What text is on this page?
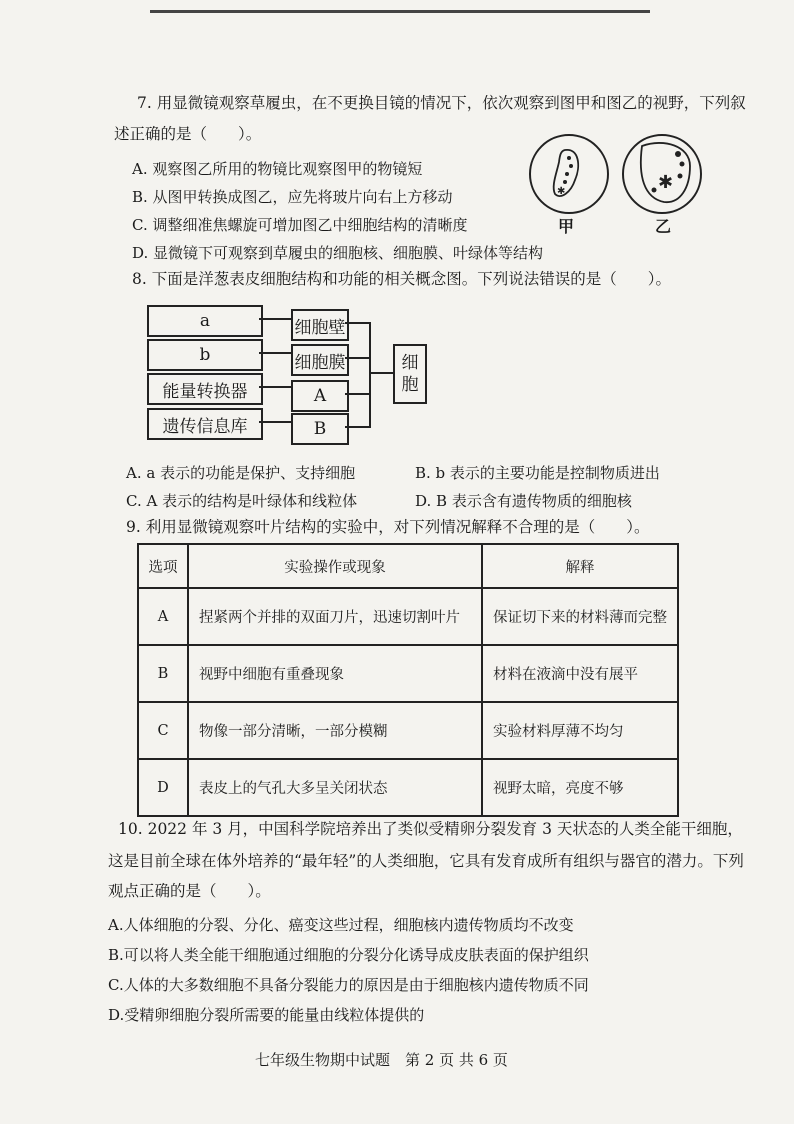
7. 用显微镜观察草履虫，在不更换目镜的情况下，依次观察到图甲和图乙的视野，下列叙
述正确的是（　　）。
A. 观察图乙所用的物镜比观察图甲的物镜短
B. 从图甲转换成图乙，应先将玻片向右上方移动
C. 调整细准焦螺旋可增加图乙中细胞结构的清晰度
D. 显微镜下可观察到草履虫的细胞核、细胞膜、叶绿体等结构
✱	✱
甲	乙
8. 下面是洋葱表皮细胞结构和功能的相关概念图。下列说法错误的是（　　）。
a
b
能量转换器
遗传信息库
细胞壁
细胞膜
A
B
细
胞
A. a 表示的功能是保护、支持细胞	B. b 表示的主要功能是控制物质进出
C. A 表示的结构是叶绿体和线粒体	D. B 表示含有遗传物质的细胞核
9. 利用显微镜观察叶片结构的实验中，对下列情况解释不合理的是（　　）。
选项	实验操作或现象	解释
A	捏紧两个并排的双面刀片，迅速切割叶片	保证切下来的材料薄而完整
B	视野中细胞有重叠现象	材料在液滴中没有展平
C	物像一部分清晰，一部分模糊	实验材料厚薄不均匀
D	表皮上的气孔大多呈关闭状态	视野太暗，亮度不够
10. 2022 年 3 月，中国科学院培养出了类似受精卵分裂发育 3 天状态的人类全能干细胞，
这是目前全球在体外培养的“最年轻”的人类细胞，它具有发育成所有组织与器官的潜力。下列
观点正确的是（　　）。
A.人体细胞的分裂、分化、癌变这些过程，细胞核内遗传物质均不改变
B.可以将人类全能干细胞通过细胞的分裂分化诱导成皮肤表面的保护组织
C.人体的大多数细胞不具备分裂能力的原因是由于细胞核内遗传物质不同
D.受精卵细胞分裂所需要的能量由线粒体提供的
七年级生物期中试题　第 2 页 共 6 页
